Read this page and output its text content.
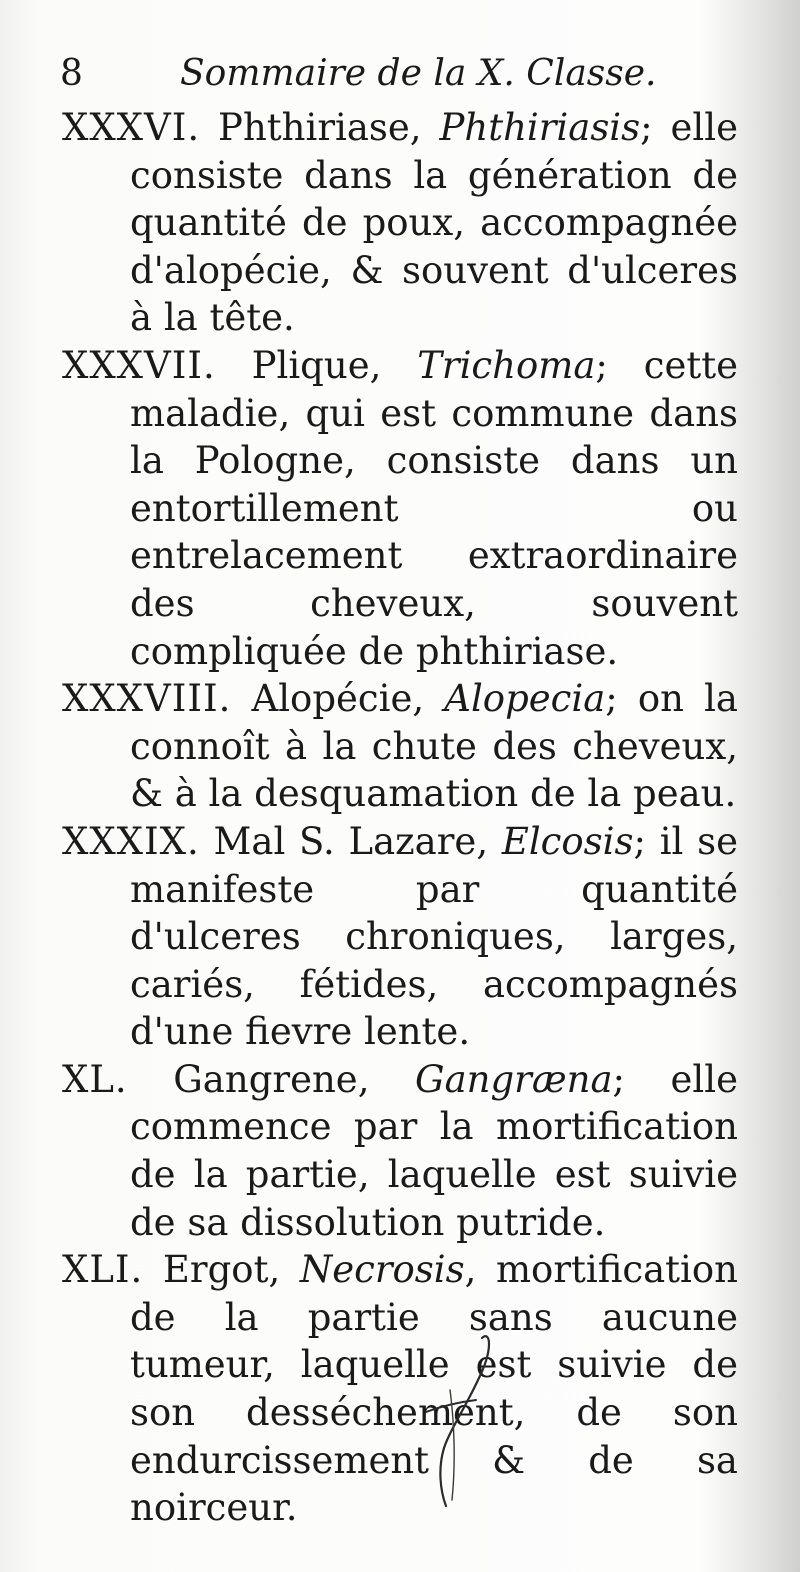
8	Sommaire de la X. Classe.

XXXVI. Phthiriase, Phthiriasis; elle consiste dans la génération de quantité de poux, accompagnée d'alopécie, & souvent d'ulceres à la tête.

XXXVII. Plique, Trichoma; cette maladie, qui est commune dans la Pologne, consiste dans un entortillement ou entrelacement extraordinaire des cheveux, souvent compliquée de phthiriase.

XXXVIII. Alopécie, Alopecia; on la connoît à la chute des cheveux, & à la desquamation de la peau.

XXXIX. Mal S. Lazare, Elcosis; il se manifeste par quantité d'ulceres chroniques, larges, cariés, fétides, accompagnés d'une fievre lente.

XL. Gangrene, Gangræna; elle commence par la mortification de la partie, laquelle est suivie de sa dissolution putride.

XLI. Ergot, Necrosis, mortification de la partie sans aucune tumeur, laquelle est suivie de son desséchement, de son endurcissement & de sa noirceur.
